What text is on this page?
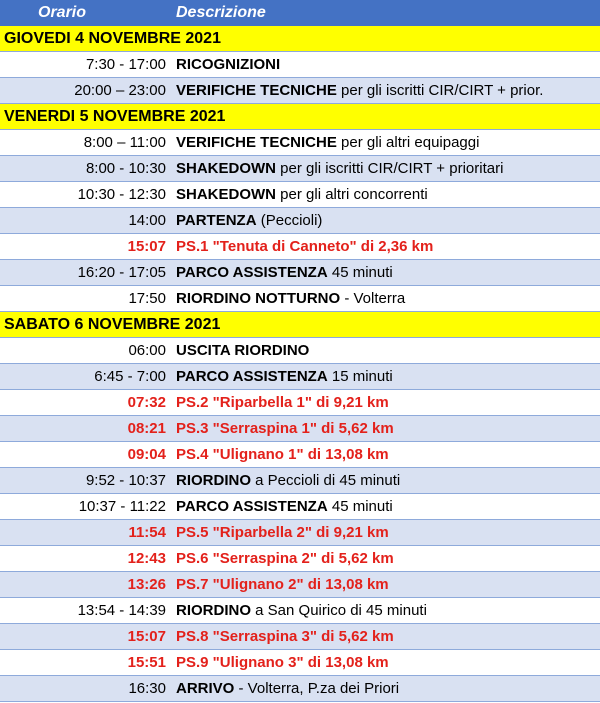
Orario	Descrizione
GIOVEDI 4 NOVEMBRE 2021	
7:30 - 17:00	RICOGNIZIONI
20:00 – 23:00	VERIFICHE TECNICHE per gli iscritti CIR/CIRT + prior.
VENERDI 5 NOVEMBRE 2021	
8:00 – 11:00	VERIFICHE TECNICHE per gli altri equipaggi
8:00 - 10:30	SHAKEDOWN per gli iscritti CIR/CIRT + prioritari
10:30 - 12:30	SHAKEDOWN per gli altri concorrenti
14:00	PARTENZA (Peccioli)
15:07	PS.1 "Tenuta di Canneto" di 2,36 km
16:20 - 17:05	PARCO ASSISTENZA 45 minuti
17:50	RIORDINO NOTTURNO - Volterra
SABATO 6 NOVEMBRE 2021	
06:00	USCITA RIORDINO
6:45 - 7:00	PARCO ASSISTENZA 15 minuti
07:32	PS.2 "Riparbella 1" di 9,21 km
08:21	PS.3 "Serraspina 1" di 5,62 km
09:04	PS.4 "Ulignano 1" di 13,08 km
9:52 - 10:37	RIORDINO a Peccioli di 45 minuti
10:37 - 11:22	PARCO ASSISTENZA 45 minuti
11:54	PS.5 "Riparbella 2" di 9,21 km
12:43	PS.6 "Serraspina 2" di 5,62 km
13:26	PS.7 "Ulignano 2" di 13,08 km
13:54 - 14:39	RIORDINO a San Quirico di 45 minuti
15:07	PS.8 "Serraspina 3" di 5,62 km
15:51	PS.9 "Ulignano 3" di 13,08 km
16:30	ARRIVO - Volterra, P.za dei Priori
